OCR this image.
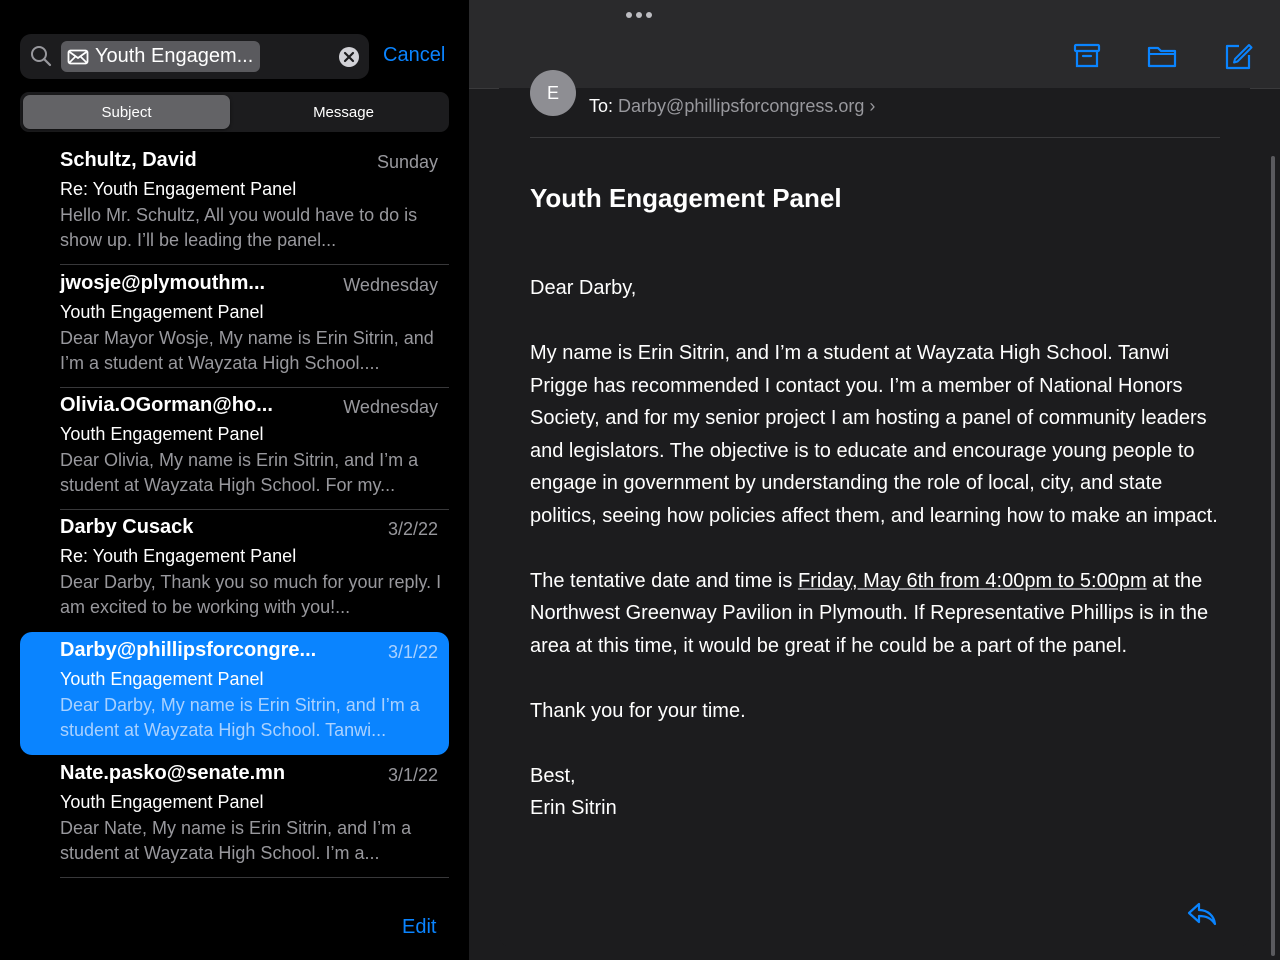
Youth Engagem...	Cancel
Subject	Message
Schultz, David	Sunday
Re: Youth Engagement Panel
Hello Mr. Schultz, All you would have to do is show up. I’ll be leading the panel...
jwosje@plymouthm...	Wednesday
Youth Engagement Panel
Dear Mayor Wosje, My name is Erin Sitrin, and I’m a student at Wayzata High School....
Olivia.OGorman@ho...	Wednesday
Youth Engagement Panel
Dear Olivia, My name is Erin Sitrin, and I’m a student at Wayzata High School. For my...
Darby Cusack	3/2/22
Re: Youth Engagement Panel
Dear Darby, Thank you so much for your reply. I am excited to be working with you!...
Darby@phillipsforcongre...	3/1/22
Youth Engagement Panel
Dear Darby, My name is Erin Sitrin, and I’m a student at Wayzata High School. Tanwi...
Nate.pasko@senate.mn	3/1/22
Youth Engagement Panel
Dear Nate, My name is Erin Sitrin, and I’m a student at Wayzata High School. I’m a...
Edit
E
To: Darby@phillipsforcongress.org ›
Youth Engagement Panel

Dear Darby,

My name is Erin Sitrin, and I’m a student at Wayzata High School. Tanwi Prigge has recommended I contact you. I’m a member of National Honors Society, and for my senior project I am hosting a panel of community leaders and legislators. The objective is to educate and encourage young people to engage in government by understanding the role of local, city, and state politics, seeing how policies affect them, and learning how to make an impact.

The tentative date and time is Friday, May 6th from 4:00pm to 5:00pm at the Northwest Greenway Pavilion in Plymouth. If Representative Phillips is in the area at this time, it would be great if he could be a part of the panel.

Thank you for your time.

Best,
Erin Sitrin
